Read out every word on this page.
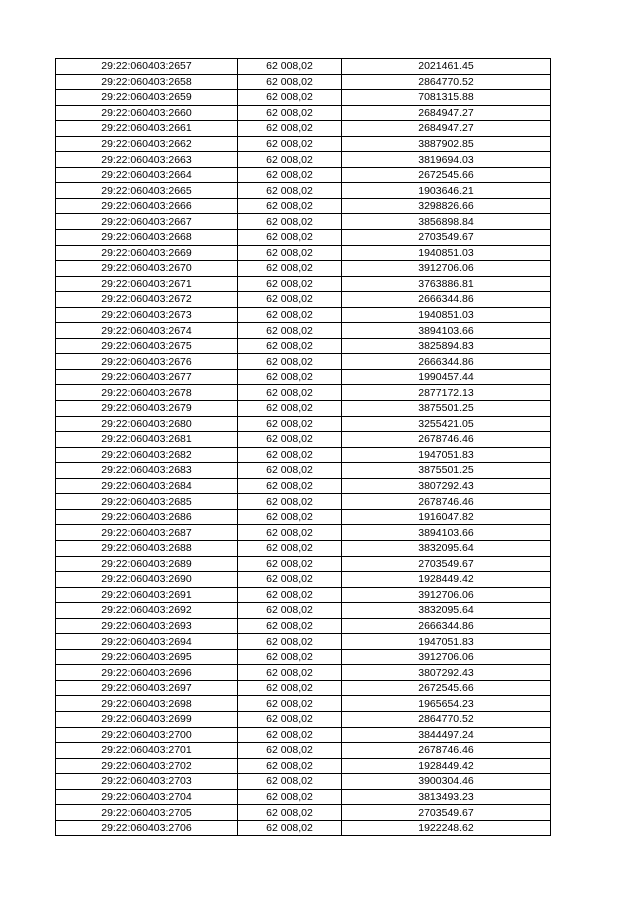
29:22:060403:2657	62 008,02	2021461.45
29:22:060403:2658	62 008,02	2864770.52
29:22:060403:2659	62 008,02	7081315.88
29:22:060403:2660	62 008,02	2684947.27
29:22:060403:2661	62 008,02	2684947.27
29:22:060403:2662	62 008,02	3887902.85
29:22:060403:2663	62 008,02	3819694.03
29:22:060403:2664	62 008,02	2672545.66
29:22:060403:2665	62 008,02	1903646.21
29:22:060403:2666	62 008,02	3298826.66
29:22:060403:2667	62 008,02	3856898.84
29:22:060403:2668	62 008,02	2703549.67
29:22:060403:2669	62 008,02	1940851.03
29:22:060403:2670	62 008,02	3912706.06
29:22:060403:2671	62 008,02	3763886.81
29:22:060403:2672	62 008,02	2666344.86
29:22:060403:2673	62 008,02	1940851.03
29:22:060403:2674	62 008,02	3894103.66
29:22:060403:2675	62 008,02	3825894.83
29:22:060403:2676	62 008,02	2666344.86
29:22:060403:2677	62 008,02	1990457.44
29:22:060403:2678	62 008,02	2877172.13
29:22:060403:2679	62 008,02	3875501.25
29:22:060403:2680	62 008,02	3255421.05
29:22:060403:2681	62 008,02	2678746.46
29:22:060403:2682	62 008,02	1947051.83
29:22:060403:2683	62 008,02	3875501.25
29:22:060403:2684	62 008,02	3807292.43
29:22:060403:2685	62 008,02	2678746.46
29:22:060403:2686	62 008,02	1916047.82
29:22:060403:2687	62 008,02	3894103.66
29:22:060403:2688	62 008,02	3832095.64
29:22:060403:2689	62 008,02	2703549.67
29:22:060403:2690	62 008,02	1928449.42
29:22:060403:2691	62 008,02	3912706.06
29:22:060403:2692	62 008,02	3832095.64
29:22:060403:2693	62 008,02	2666344.86
29:22:060403:2694	62 008,02	1947051.83
29:22:060403:2695	62 008,02	3912706.06
29:22:060403:2696	62 008,02	3807292.43
29:22:060403:2697	62 008,02	2672545.66
29:22:060403:2698	62 008,02	1965654.23
29:22:060403:2699	62 008,02	2864770.52
29:22:060403:2700	62 008,02	3844497.24
29:22:060403:2701	62 008,02	2678746.46
29:22:060403:2702	62 008,02	1928449.42
29:22:060403:2703	62 008,02	3900304.46
29:22:060403:2704	62 008,02	3813493.23
29:22:060403:2705	62 008,02	2703549.67
29:22:060403:2706	62 008,02	1922248.62
